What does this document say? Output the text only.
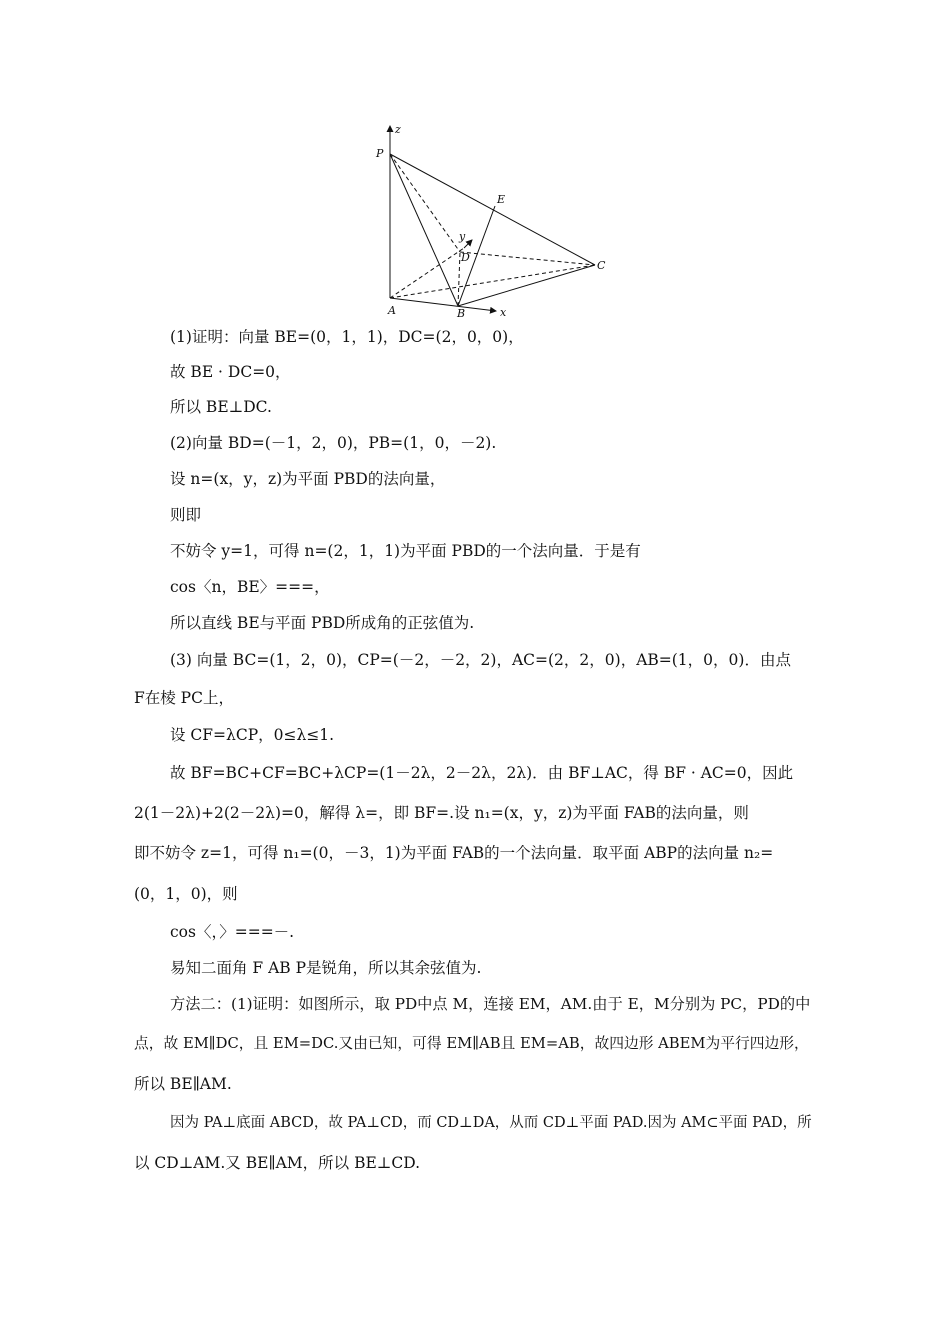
z
P
E
y
D
C
A	B	x
(1)证明：向量 BE=(0，1，1)，DC=(2，0，0)，
故 BE · DC=0，
所以 BE⊥DC.
(2)向量 BD=(－1，2，0)，PB=(1，0，－2).
设 n=(x，y，z)为平面 PBD的法向量，
则即
不妨令 y=1，可得 n=(2，1，1)为平面 PBD的一个法向量．于是有
cos〈n，BE〉===，
所以直线 BE与平面 PBD所成角的正弦值为.
(3) 向量 BC=(1，2，0)，CP=(－2，－2，2)，AC=(2，2，0)，AB=(1，0，0)．由点
F在棱 PC上，
设 CF=λCP，0≤λ≤1.
故 BF=BC+CF=BC+λCP=(1－2λ，2－2λ，2λ)．由 BF⊥AC，得 BF · AC=0，因此
2(1－2λ)+2(2－2λ)=0，解得 λ=，即 BF=.设 n₁=(x，y，z)为平面 FAB的法向量，则
即不妨令 z=1，可得 n₁=(0，－3，1)为平面 FAB的一个法向量．取平面 ABP的法向量 n₂=
(0，1，0)，则
cos〈，〉===－.
易知二面角 F AB P是锐角，所以其余弦值为.
方法二：(1)证明：如图所示，取 PD中点 M，连接 EM，AM.由于 E，M分别为 PC，PD的中
点，故 EM∥DC，且 EM=DC.又由已知，可得 EM∥AB且 EM=AB，故四边形 ABEM为平行四边形，
所以 BE∥AM.
因为 PA⊥底面 ABCD，故 PA⊥CD，而 CD⊥DA，从而 CD⊥平面 PAD.因为 AM⊂平面 PAD，所
以 CD⊥AM.又 BE∥AM，所以 BE⊥CD.
